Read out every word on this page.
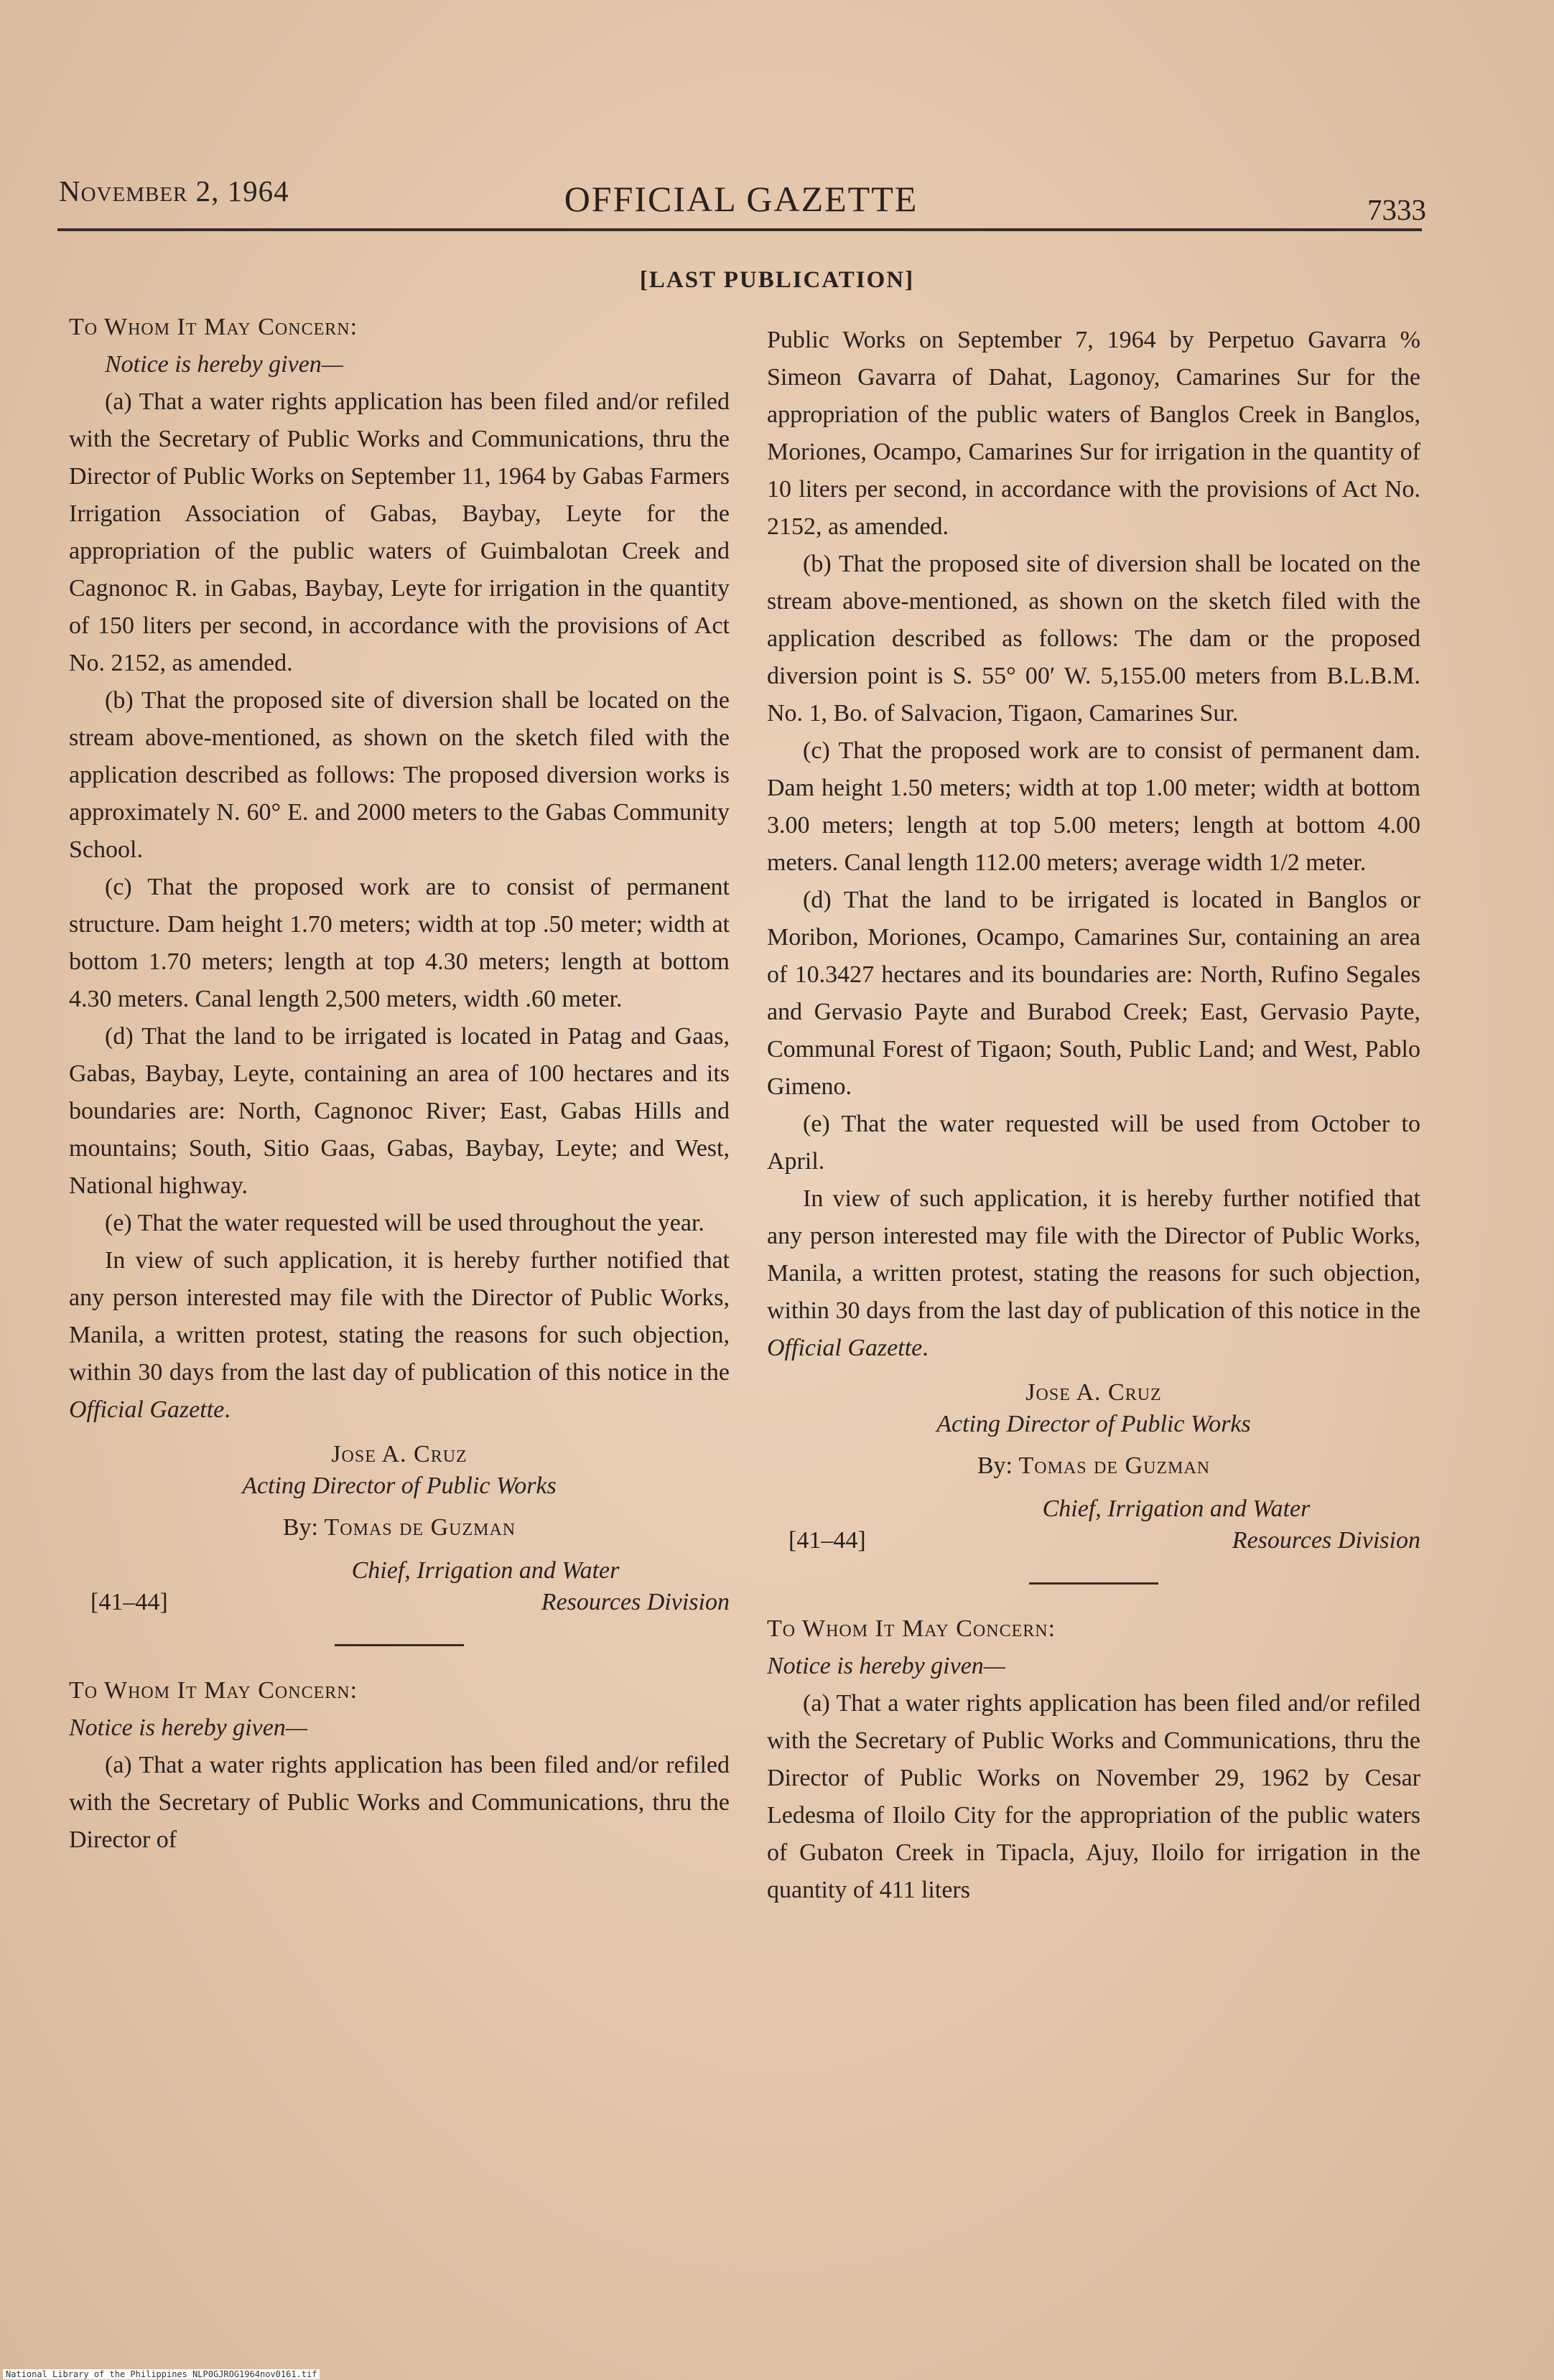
November 2, 1964	OFFICIAL GAZETTE	7333
[LAST PUBLICATION]

To Whom It May Concern:

Notice is hereby given—

(a) That a water rights application has been filed and/or refiled with the Secretary of Public Works and Communications, thru the Director of Public Works on September 11, 1964 by Gabas Farmers Irrigation Association of Gabas, Baybay, Leyte for the appropriation of the public waters of Guimbalotan Creek and Cagnonoc R. in Gabas, Baybay, Leyte for irrigation in the quantity of 150 liters per second, in accordance with the provisions of Act No. 2152, as amended.

(b) That the proposed site of diversion shall be located on the stream above-mentioned, as shown on the sketch filed with the application described as follows: The proposed diversion works is approximately N. 60° E. and 2000 meters to the Gabas Community School.

(c) That the proposed work are to consist of permanent structure. Dam height 1.70 meters; width at top .50 meter; width at bottom 1.70 meters; length at top 4.30 meters; length at bottom 4.30 meters. Canal length 2,500 meters, width .60 meter.

(d) That the land to be irrigated is located in Patag and Gaas, Gabas, Baybay, Leyte, containing an area of 100 hectares and its boundaries are: North, Cagnonoc River; East, Gabas Hills and mountains; South, Sitio Gaas, Gabas, Baybay, Leyte; and West, National highway.

(e) That the water requested will be used throughout the year.

In view of such application, it is hereby further notified that any person interested may file with the Director of Public Works, Manila, a written protest, stating the reasons for such objection, within 30 days from the last day of publication of this notice in the Official Gazette.

Jose A. Cruz
Acting Director of Public Works
By: Tomas de Guzman
Chief, Irrigation and Water
[41–44]	Resources Division

To Whom It May Concern:

Notice is hereby given—

(a) That a water rights application has been filed and/or refiled with the Secretary of Public Works and Communications, thru the Director of

Public Works on September 7, 1964 by Perpetuo Gavarra % Simeon Gavarra of Dahat, Lagonoy, Camarines Sur for the appropriation of the public waters of Banglos Creek in Banglos, Moriones, Ocampo, Camarines Sur for irrigation in the quantity of 10 liters per second, in accordance with the provisions of Act No. 2152, as amended.

(b) That the proposed site of diversion shall be located on the stream above-mentioned, as shown on the sketch filed with the application described as follows: The dam or the proposed diversion point is S. 55° 00′ W. 5,155.00 meters from B.L.B.M. No. 1, Bo. of Salvacion, Tigaon, Camarines Sur.

(c) That the proposed work are to consist of permanent dam. Dam height 1.50 meters; width at top 1.00 meter; width at bottom 3.00 meters; length at top 5.00 meters; length at bottom 4.00 meters. Canal length 112.00 meters; average width 1/2 meter.

(d) That the land to be irrigated is located in Banglos or Moribon, Moriones, Ocampo, Camarines Sur, containing an area of 10.3427 hectares and its boundaries are: North, Rufino Segales and Gervasio Payte and Burabod Creek; East, Gervasio Payte, Communal Forest of Tigaon; South, Public Land; and West, Pablo Gimeno.

(e) That the water requested will be used from October to April.

In view of such application, it is hereby further notified that any person interested may file with the Director of Public Works, Manila, a written protest, stating the reasons for such objection, within 30 days from the last day of publication of this notice in the Official Gazette.

Jose A. Cruz
Acting Director of Public Works
By: Tomas de Guzman
Chief, Irrigation and Water
[41–44]	Resources Division

To Whom It May Concern:

Notice is hereby given—

(a) That a water rights application has been filed and/or refiled with the Secretary of Public Works and Communications, thru the Director of Public Works on November 29, 1962 by Cesar Ledesma of Iloilo City for the appropriation of the public waters of Gubaton Creek in Tipacla, Ajuy, Iloilo for irrigation in the quantity of 411 liters

National Library of the Philippines NLP0GJROG1964nov0161.tif
